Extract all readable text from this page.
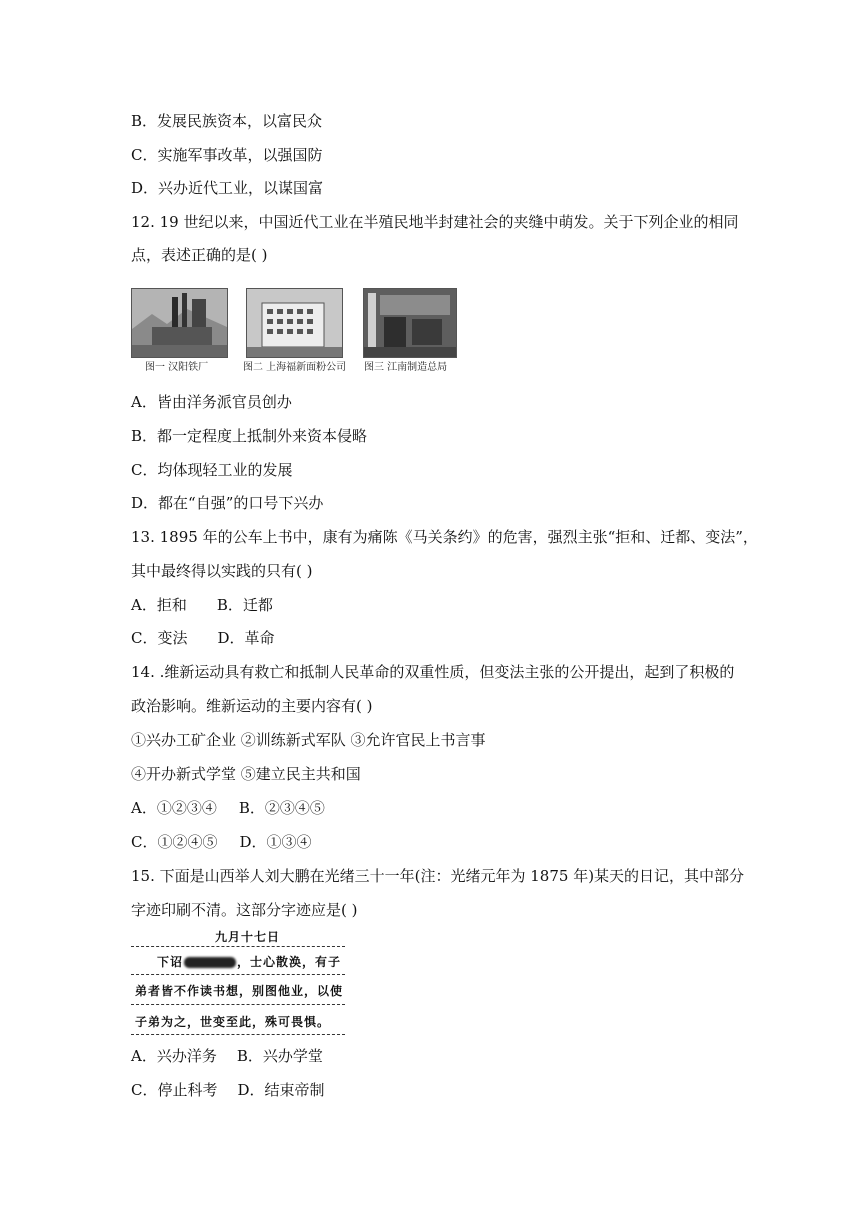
B．发展民族资本，以富民众
C．实施军事改革，以强国防
D．兴办近代工业，以谋国富
12. 19 世纪以来，中国近代工业在半殖民地半封建社会的夹缝中萌发。关于下列企业的相同
点，表述正确的是( )
图一 汉阳铁厂	图二 上海福新面粉公司 图三 江南制造总局
A．皆由洋务派官员创办
B．都一定程度上抵制外来资本侵略
C．均体现轻工业的发展
D．都在“自强”的口号下兴办
13. 1895 年的公车上书中，康有为痛陈《马关条约》的危害，强烈主张“拒和、迁都、变法”，
其中最终得以实践的只有( )
A．拒和 B．迁都
C．变法 D．革命
14. .维新运动具有救亡和抵制人民革命的双重性质，但变法主张的公开提出，起到了积极的
政治影响。维新运动的主要内容有( )
①兴办工矿企业 ②训练新式军队 ③允许官民上书言事
④开办新式学堂 ⑤建立民主共和国
A．①②③④ B．②③④⑤
C．①②④⑤ D．①③④
15. 下面是山西举人刘大鹏在光绪三十一年(注：光绪元年为 1875 年)某天的日记，其中部分
字迹印刷不清。这部分字迹应是( )
九月十七日
下诏	，士心散涣，有子
弟者皆不作读书想，别图他业，以使
子弟为之，世变至此，殊可畏惧。
A．兴办洋务 B．兴办学堂
C．停止科考 D．结束帝制
